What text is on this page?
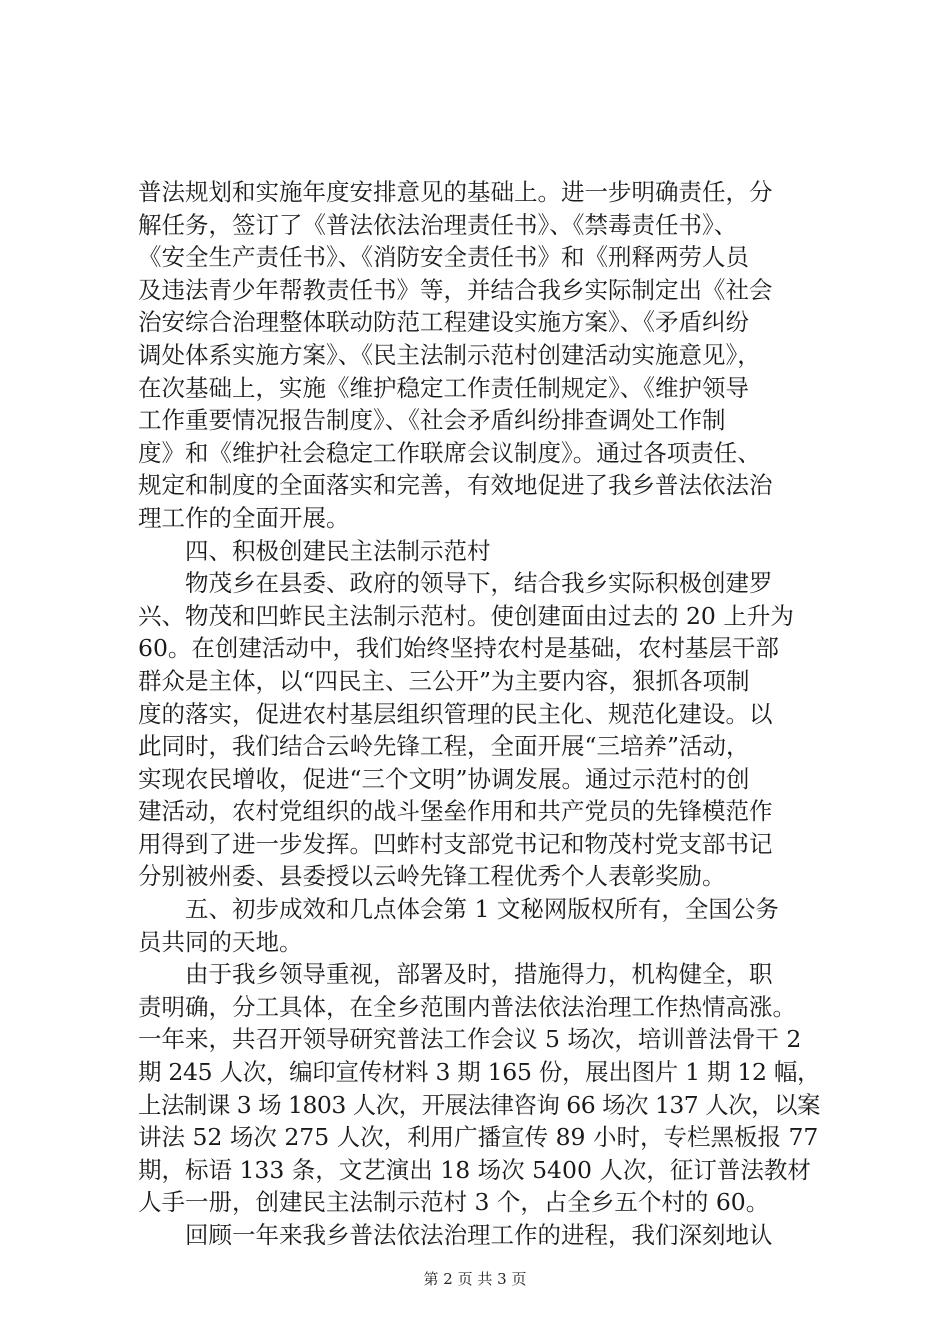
普法规划和实施年度安排意见的基础上。进一步明确责任，分
解任务，签订了《普法依法治理责任书》、《禁毒责任书》、
《安全生产责任书》、《消防安全责任书》和《刑释两劳人员
及违法青少年帮教责任书》等，并结合我乡实际制定出《社会
治安综合治理整体联动防范工程建设实施方案》、《矛盾纠纷
调处体系实施方案》、《民主法制示范村创建活动实施意见》，
在次基础上，实施《维护稳定工作责任制规定》、《维护领导
工作重要情况报告制度》、《社会矛盾纠纷排查调处工作制
度》和《维护社会稳定工作联席会议制度》。通过各项责任、
规定和制度的全面落实和完善，有效地促进了我乡普法依法治
理工作的全面开展。
四、积极创建民主法制示范村
物茂乡在县委、政府的领导下，结合我乡实际积极创建罗
兴、物茂和凹蚱民主法制示范村。使创建面由过去的 20 上升为
60。在创建活动中，我们始终坚持农村是基础，农村基层干部
群众是主体，以“四民主、三公开”为主要内容，狠抓各项制
度的落实，促进农村基层组织管理的民主化、规范化建设。以
此同时，我们结合云岭先锋工程，全面开展“三培养”活动，
实现农民增收，促进“三个文明”协调发展。通过示范村的创
建活动，农村党组织的战斗堡垒作用和共产党员的先锋模范作
用得到了进一步发挥。凹蚱村支部党书记和物茂村党支部书记
分别被州委、县委授以云岭先锋工程优秀个人表彰奖励。
五、初步成效和几点体会第 1 文秘网版权所有，全国公务
员共同的天地。
由于我乡领导重视，部署及时，措施得力，机构健全，职
责明确，分工具体，在全乡范围内普法依法治理工作热情高涨。
一年来，共召开领导研究普法工作会议 5 场次，培训普法骨干 2
期 245 人次，编印宣传材料 3 期 165 份，展出图片 1 期 12 幅，
上法制课 3 场 1803 人次，开展法律咨询 66 场次 137 人次，以案
讲法 52 场次 275 人次，利用广播宣传 89 小时，专栏黑板报 77
期，标语 133 条，文艺演出 18 场次 5400 人次，征订普法教材
人手一册，创建民主法制示范村 3 个，占全乡五个村的 60。
回顾一年来我乡普法依法治理工作的进程，我们深刻地认
第 2 页 共 3 页
